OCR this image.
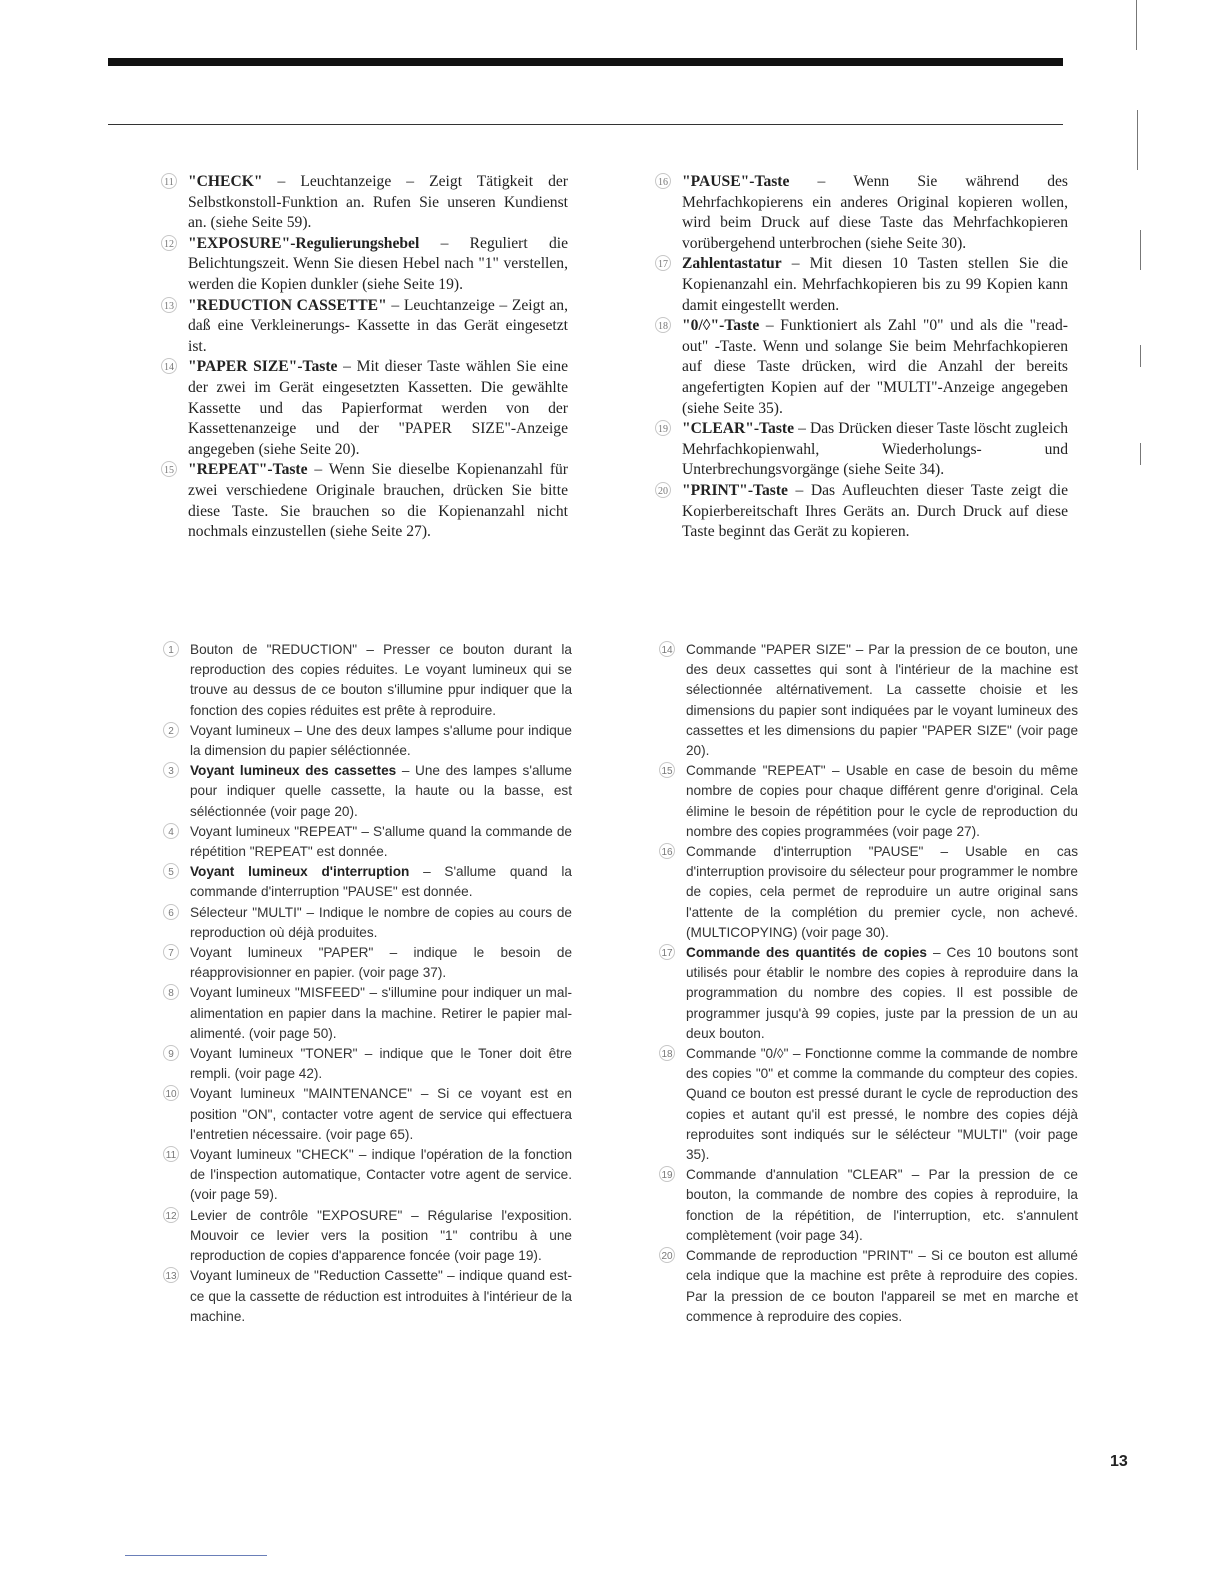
11 "CHECK" – Leuchtanzeige – Zeigt Tätigkeit der Selbstkonstoll-Funktion an. Rufen Sie unseren Kundienst an. (siehe Seite 59).
12 "EXPOSURE"-Regulierungshebel – Reguliert die Belichtungszeit. Wenn Sie diesen Hebel nach "1" verstellen, werden die Kopien dunkler (siehe Seite 19).
13 "REDUCTION CASSETTE" – Leuchtanzeige – Zeigt an, daß eine Verkleinerungs- Kassette in das Gerät eingesetzt ist.
14 "PAPER SIZE"-Taste – Mit dieser Taste wählen Sie eine der zwei im Gerät eingesetzten Kassetten. Die gewählte Kassette und das Papierformat werden von der Kassettenanzeige und der "PAPER SIZE"-Anzeige angegeben (siehe Seite 20).
15 "REPEAT"-Taste – Wenn Sie dieselbe Kopienanzahl für zwei verschiedene Originale brauchen, drücken Sie bitte diese Taste. Sie brauchen so die Kopienanzahl nicht nochmals einzustellen (siehe Seite 27).
16 "PAUSE"-Taste – Wenn Sie während des Mehrfachkopierens ein anderes Original kopieren wollen, wird beim Druck auf diese Taste das Mehrfachkopieren vorübergehend unterbrochen (siehe Seite 30).
17 Zahlentastatur – Mit diesen 10 Tasten stellen Sie die Kopienanzahl ein. Mehrfachkopieren bis zu 99 Kopien kann damit eingestellt werden.
18 "0/◊"-Taste – Funktioniert als Zahl "0" und als die "read-out" -Taste. Wenn und solange Sie beim Mehrfachkopieren auf diese Taste drücken, wird die Anzahl der bereits angefertigten Kopien auf der "MULTI"-Anzeige angegeben (siehe Seite 35).
19 "CLEAR"-Taste – Das Drücken dieser Taste löscht zugleich Mehrfachkopienwahl, Wiederholungs- und Unterbrechungsvorgänge (siehe Seite 34).
20 "PRINT"-Taste – Das Aufleuchten dieser Taste zeigt die Kopierbereitschaft Ihres Geräts an. Durch Druck auf diese Taste beginnt das Gerät zu kopieren.
1	Bouton de "REDUCTION" – Presser ce bouton durant la reproduction des copies réduites. Le voyant lumineux qui se trouve au dessus de ce bouton s'illumine ppur indiquer que la fonction des copies réduites est prête à reproduire.
2	Voyant lumineux – Une des deux lampes s'allume pour indique la dimension du papier séléctionnée.
3	Voyant lumineux des cassettes – Une des lampes s'allume pour indiquer quelle cassette, la haute ou la basse, est séléctionnée (voir page 20).
4	Voyant lumineux "REPEAT" – S'allume quand la commande de répétition "REPEAT" est donnée.
5	Voyant lumineux d'interruption – S'allume quand la commande d'interruption "PAUSE" est donnée.
6	Sélecteur "MULTI" – Indique le nombre de copies au cours de reproduction où déjà produites.
7	Voyant lumineux "PAPER" – indique le besoin de réapprovisionner en papier. (voir page 37).
8	Voyant lumineux "MISFEED" – s'illumine pour indiquer un mal-alimentation en papier dans la machine. Retirer le papier mal-alimenté. (voir page 50).
9	Voyant lumineux "TONER" – indique que le Toner doit être rempli. (voir page 42).
10 Voyant lumineux "MAINTENANCE" – Si ce voyant est en position "ON", contacter votre agent de service qui effectuera l'entretien nécessaire. (voir page 65).
11 Voyant lumineux "CHECK" – indique l'opération de la fonction de l'inspection automatique, Contacter votre agent de service. (voir page 59).
12 Levier de contrôle "EXPOSURE" – Régularise l'exposition. Mouvoir ce levier vers la position "1" contribu à une reproduction de copies d'apparence foncée (voir page 19).
13 Voyant lumineux de "Reduction Cassette" – indique quand est-ce que la cassette de réduction est introduites à l'intérieur de la machine.
14 Commande "PAPER SIZE" – Par la pression de ce bouton, une des deux cassettes qui sont à l'intérieur de la machine est sélectionnée altérnativement. La cassette choisie et les dimensions du papier sont indiquées par le voyant lumineux des cassettes et les dimensions du papier "PAPER SIZE" (voir page 20).
15 Commande "REPEAT" – Usable en case de besoin du même nombre de copies pour chaque différent genre d'original. Cela élimine le besoin de répétition pour le cycle de reproduction du nombre des copies programmées (voir page 27).
16 Commande d'interruption "PAUSE" – Usable en cas d'interruption provisoire du sélecteur pour programmer le nombre de copies, cela permet de reproduire un autre original sans l'attente de la complétion du premier cycle, non achevé. (MULTICOPYING) (voir page 30).
17 Commande des quantités de copies – Ces 10 boutons sont utilisés pour établir le nombre des copies à reproduire dans la programmation du nombre des copies. Il est possible de programmer jusqu'à 99 copies, juste par la pression de un au deux bouton.
18 Commande "0/◊" – Fonctionne comme la commande de nombre des copies "0" et comme la commande du compteur des copies. Quand ce bouton est pressé durant le cycle de reproduction des copies et autant qu'il est pressé, le nombre des copies déjà reproduites sont indiqués sur le sélécteur "MULTI" (voir page 35).
19 Commande d'annulation "CLEAR" – Par la pression de ce bouton, la commande de nombre des copies à reproduire, la fonction de la répétition, de l'interruption, etc. s'annulent complètement (voir page 34).
20 Commande de reproduction "PRINT" – Si ce bouton est allumé cela indique que la machine est prête à reproduire des copies. Par la pression de ce bouton l'appareil se met en marche et commence à reproduire des copies.
13
